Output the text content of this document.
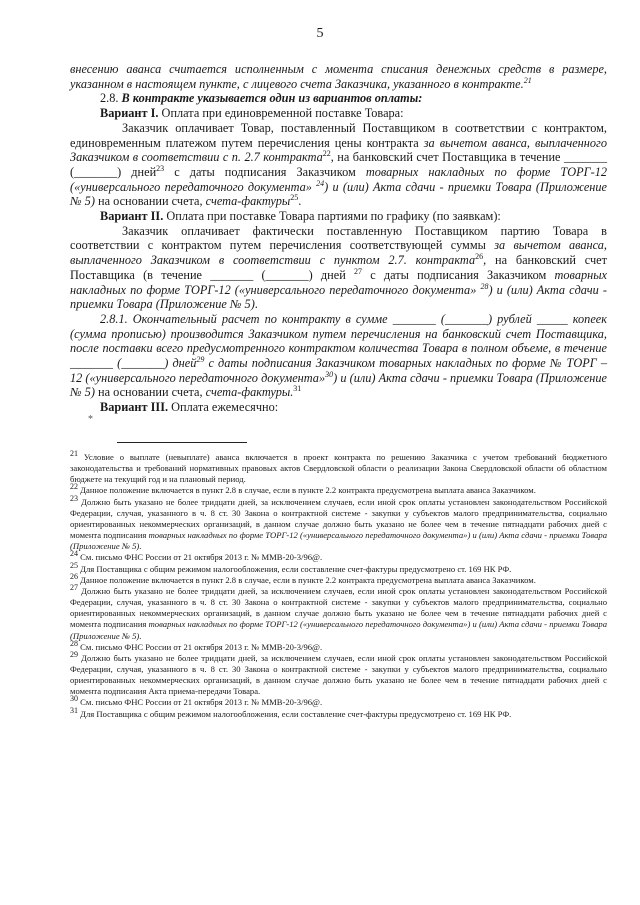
5

внесению аванса считается исполненным с момента списания денежных средств в размере, указанном в настоящем пункте, с лицевого счета Заказчика, указанного в контракте.$^{21}$

2.8. В контракте указывается один из вариантов оплаты:

Вариант I. Оплата при единовременной поставке Товара:

Заказчик оплачивает Товар, поставленный Поставщиком в соответствии с контрактом, единовременным платежом путем перечисления цены контракта за вычетом аванса, выплаченного Заказчиком в соответствии с п. 2.7 контракта$^{22}$, на банковский счет Поставщика в течение _______ (_______) дней$^{23}$ с даты подписания Заказчиком товарных накладных по форме ТОРГ-12 («универсального передаточного документа» $^{24}$) и (или) Акта сдачи - приемки Товара (Приложение № 5) на основании счета, счета-фактуры$^{25}$.

Вариант II. Оплата при поставке Товара партиями по графику (по заявкам):

Заказчик оплачивает фактически поставленную Поставщиком партию Товара в соответствии с контрактом путем перечисления соответствующей суммы за вычетом аванса, выплаченного Заказчиком в соответствии с пунктом 2.7. контракта$^{26}$, на банковский счет Поставщика (в течение _______ (_______) дней $^{27}$ с даты подписания Заказчиком товарных накладных по форме ТОРГ-12 («универсального передаточного документа» $^{28}$) и (или) Акта сдачи - приемки Товара (Приложение № 5).

2.8.1. Окончательный расчет по контракту в сумме _______ (_______) рублей _____ копеек (сумма прописью) производится Заказчиком путем перечисления на банковский счет Поставщика, после поставки всего предусмотренного контрактом количества Товара в полном объеме, в течение _______ (_______) дней$^{29}$ с даты подписания Заказчиком товарных накладных по форме № ТОРГ – 12 («универсального передаточного документа»$^{30}$) и (или) Акта сдачи - приемки Товара (Приложение № 5) на основании счета, счета-фактуры.$^{31}$

Вариант III. Оплата ежемесячно:

*

$^{21}$ Условие о выплате (невыплате) аванса включается в проект контракта по решению Заказчика с учетом требований бюджетного законодательства и требований нормативных правовых актов Свердловской области о реализации Закона Свердловской области об областном бюджете на текущий год и на плановый период.

$^{22}$ Данное положение включается в пункт 2.8 в случае, если в пункте 2.2 контракта предусмотрена выплата аванса Заказчиком.

$^{23}$ Должно быть указано не более тридцати дней, за исключением случаев, если иной срок оплаты установлен законодательством Российской Федерации, случая, указанного в ч. 8 ст. 30 Закона о контрактной системе - закупки у субъектов малого предпринимательства, социально ориентированных некоммерческих организаций, в данном случае должно быть указано не более чем в течение пятнадцати рабочих дней с момента подписания товарных накладных по форме ТОРГ-12 («универсального передаточного документа») и (или) Акта сдачи - приемки Товара (Приложение № 5).

$^{24}$ См. письмо ФНС России от 21 октября 2013 г. № ММВ-20-3/96@.

$^{25}$ Для Поставщика с общим режимом налогообложения, если составление счет-фактуры предусмотрено ст. 169 НК РФ.

$^{26}$ Данное положение включается в пункт 2.8 в случае, если в пункте 2.2 контракта предусмотрена выплата аванса Заказчиком.

$^{27}$ Должно быть указано не более тридцати дней, за исключением случаев, если иной срок оплаты установлен законодательством Российской Федерации, случая, указанного в ч. 8 ст. 30 Закона о контрактной системе - закупки у субъектов малого предпринимательства, социально ориентированных некоммерческих организаций, в данном случае должно быть указано не более чем в течение пятнадцати рабочих дней с момента подписания товарных накладных по форме ТОРГ-12 («универсального передаточного документа») и (или) Акта сдачи - приемки Товара (Приложение № 5).

$^{28}$ См. письмо ФНС России от 21 октября 2013 г. № ММВ-20-3/96@.

$^{29}$ Должно быть указано не более тридцати дней, за исключением случаев, если иной срок оплаты установлен законодательством Российской Федерации, случая, указанного в ч. 8 ст. 30 Закона о контрактной системе - закупки у субъектов малого предпринимательства, социально ориентированных некоммерческих организаций, в данном случае должно быть указано не более чем в течение пятнадцати рабочих дней с момента подписания Акта приема-передачи Товара.

$^{30}$ См. письмо ФНС России от 21 октября 2013 г. № ММВ-20-3/96@.

$^{31}$ Для Поставщика с общим режимом налогообложения, если составление счет-фактуры предусмотрено ст. 169 НК РФ.
